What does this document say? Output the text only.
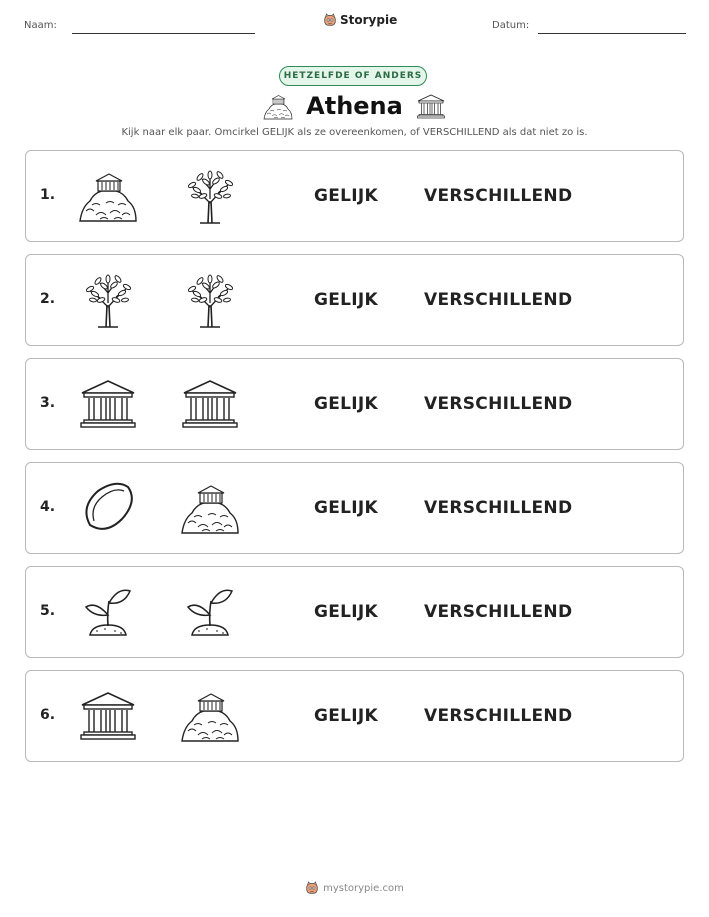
Naam:	Storypie	Datum:
HETZELFDE OF ANDERS
Athena
Kijk naar elk paar. Omcirkel GELIJK als ze overeenkomen, of VERSCHILLEND als dat niet zo is.
1.	GELIJK	VERSCHILLEND
2.	GELIJK	VERSCHILLEND
3.	GELIJK	VERSCHILLEND
4.	GELIJK	VERSCHILLEND
5.	GELIJK	VERSCHILLEND
6.	GELIJK	VERSCHILLEND
mystorypie.com
